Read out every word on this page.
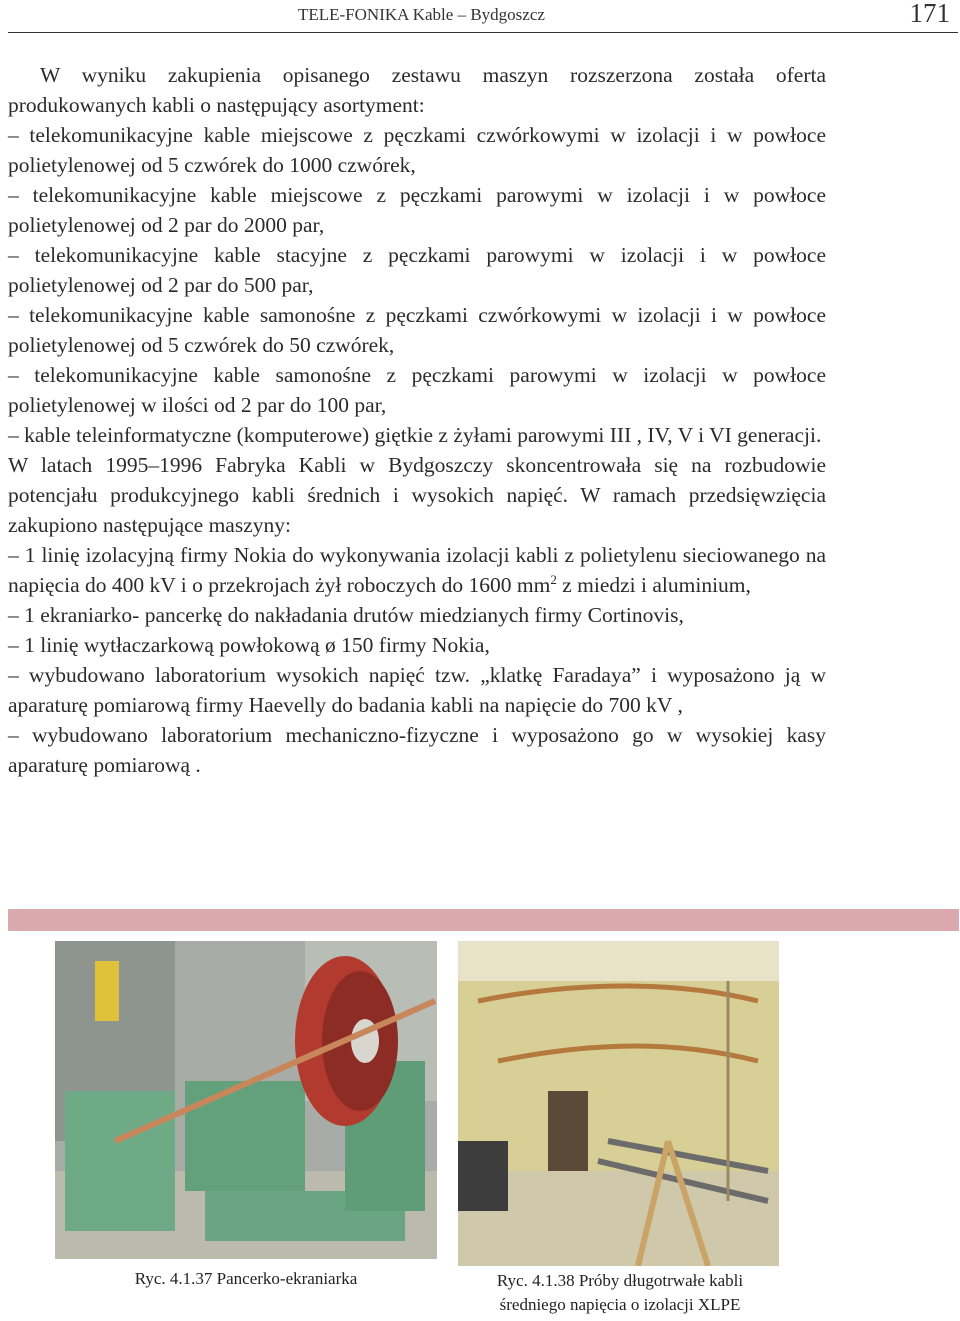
TELE-FONIKA Kable – Bydgoszcz	171

W wyniku zakupienia opisanego zestawu maszyn rozszerzona została oferta produkowanych kabli o następujący asortyment:

– telekomunikacyjne kable miejscowe z pęczkami czwórkowymi w izolacji i w powłoce polietylenowej od 5 czwórek do 1000 czwórek,

– telekomunikacyjne kable miejscowe z pęczkami parowymi w izolacji i w powłoce polietylenowej od 2 par do 2000 par,

– telekomunikacyjne kable stacyjne z pęczkami parowymi w izolacji i w powłoce polietylenowej od 2 par do 500 par,

– telekomunikacyjne kable samonośne z pęczkami czwórkowymi w izolacji i w powłoce polietylenowej od 5 czwórek do 50 czwórek,

– telekomunikacyjne kable samonośne z pęczkami parowymi w izolacji w powłoce polietylenowej w ilości od 2 par do 100 par,

– kable teleinformatyczne (komputerowe) giętkie z żyłami parowymi III , IV, V i VI generacji.

W latach 1995–1996 Fabryka Kabli w Bydgoszczy skoncentrowała się na rozbudowie potencjału produkcyjnego kabli średnich i wysokich napięć. W ramach przedsięwzięcia zakupiono następujące maszyny:

– 1 linię izolacyjną firmy Nokia do wykonywania izolacji kabli z polietylenu sieciowanego na napięcia do 400 kV i o przekrojach żył roboczych do 1600 $mm^2$ z miedzi i aluminium,

– 1 ekraniarko- pancerkę do nakładania drutów miedzianych firmy Cortinovis,

– 1 linię wytłaczarkową powłokową ø 150 firmy Nokia,

– wybudowano laboratorium wysokich napięć tzw. „klatkę Faradaya” i wyposażono ją w aparaturę pomiarową firmy Haevelly do badania kabli na napięcie do 700 kV ,

– wybudowano laboratorium mechaniczno-fizyczne i wyposażono go w wysokiej kasy aparaturę pomiarową .

Ryc. 4.1.37 Pancerko-ekraniarka	Ryc. 4.1.38 Próby długotrwałe kabli
średniego napięcia o izolacji XLPE
